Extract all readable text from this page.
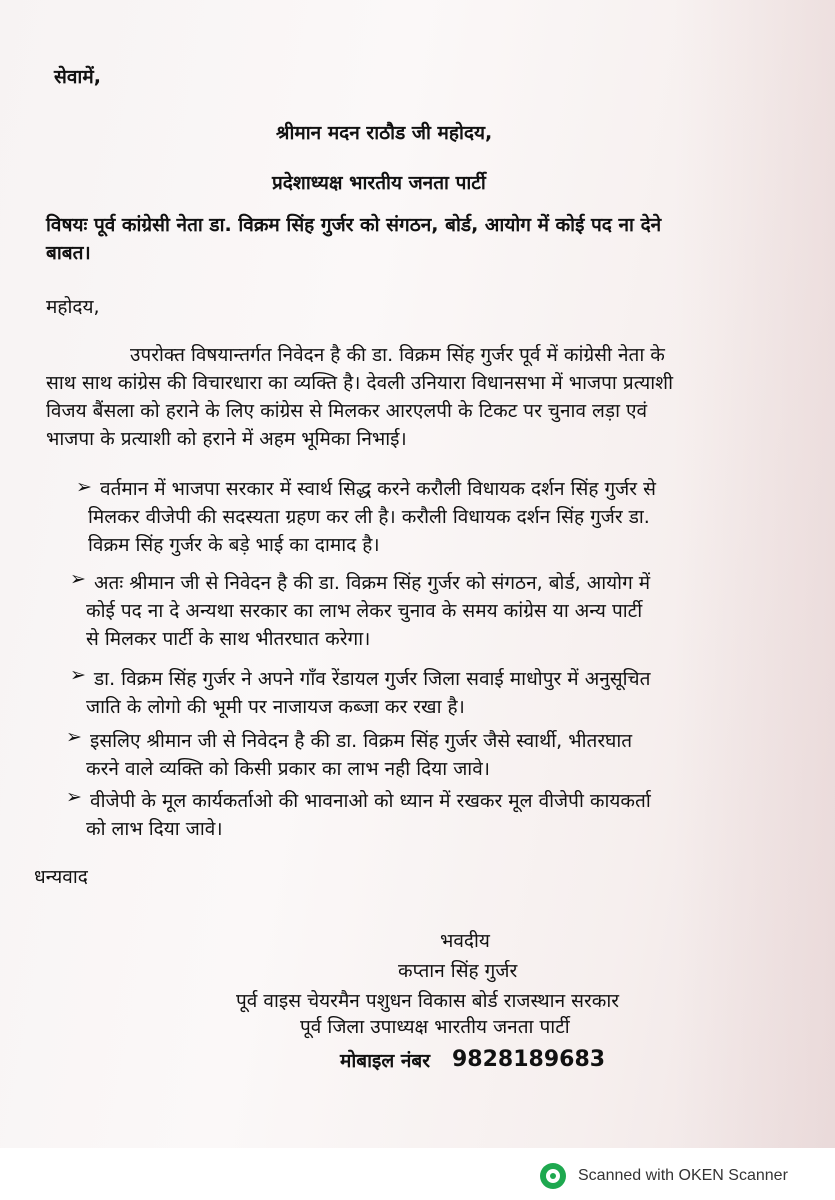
सेवामें,
श्रीमान मदन राठौड जी महोदय,
प्रदेशाध्यक्ष भारतीय जनता पार्टी
विषयः पूर्व कांग्रेसी नेता डा. विक्रम सिंह गुर्जर को संगठन, बोर्ड, आयोग में कोई पद ना देने
बाबत।
महोदय,
उपरोक्त विषयान्तर्गत निवेदन है की डा. विक्रम सिंह गुर्जर पूर्व में कांग्रेसी नेता के
साथ साथ कांग्रेस की विचारधारा का व्यक्ति है। देवली उनियारा विधानसभा में भाजपा प्रत्याशी
विजय बैंसला को हराने के लिए कांग्रेस से मिलकर आरएलपी के टिकट पर चुनाव लड़ा एवं
भाजपा के प्रत्याशी को हराने में अहम भूमिका निभाई।
➢ वर्तमान में भाजपा सरकार में स्वार्थ सिद्ध करने करौली विधायक दर्शन सिंह गुर्जर से
मिलकर वीजेपी की सदस्यता ग्रहण कर ली है। करौली विधायक दर्शन सिंह गुर्जर डा.
विक्रम सिंह गुर्जर के बड़े भाई का दामाद है।
➢ अतः श्रीमान जी से निवेदन है की डा. विक्रम सिंह गुर्जर को संगठन, बोर्ड, आयोग में
कोई पद ना दे अन्यथा सरकार का लाभ लेकर चुनाव के समय कांग्रेस या अन्य पार्टी
से मिलकर पार्टी के साथ भीतरघात करेगा।
➢ डा. विक्रम सिंह गुर्जर ने अपने गाँव रेंडायल गुर्जर जिला सवाई माधोपुर में अनुसूचित
जाति के लोगो की भूमी पर नाजायज कब्जा कर रखा है।
➢ इसलिए श्रीमान जी से निवेदन है की डा. विक्रम सिंह गुर्जर जैसे स्वार्थी, भीतरघात
करने वाले व्यक्ति को किसी प्रकार का लाभ नही दिया जावे।
➢ वीजेपी के मूल कार्यकर्ताओ की भावनाओ को ध्यान में रखकर मूल वीजेपी कायकर्ता
को लाभ दिया जावे।
धन्यवाद
भवदीय
कप्तान सिंह गुर्जर
पूर्व वाइस चेयरमैन पशुधन विकास बोर्ड राजस्थान सरकार
पूर्व जिला उपाध्यक्ष भारतीय जनता पार्टी
मोबाइल नंबर 9828189683
Scanned with OKEN Scanner
